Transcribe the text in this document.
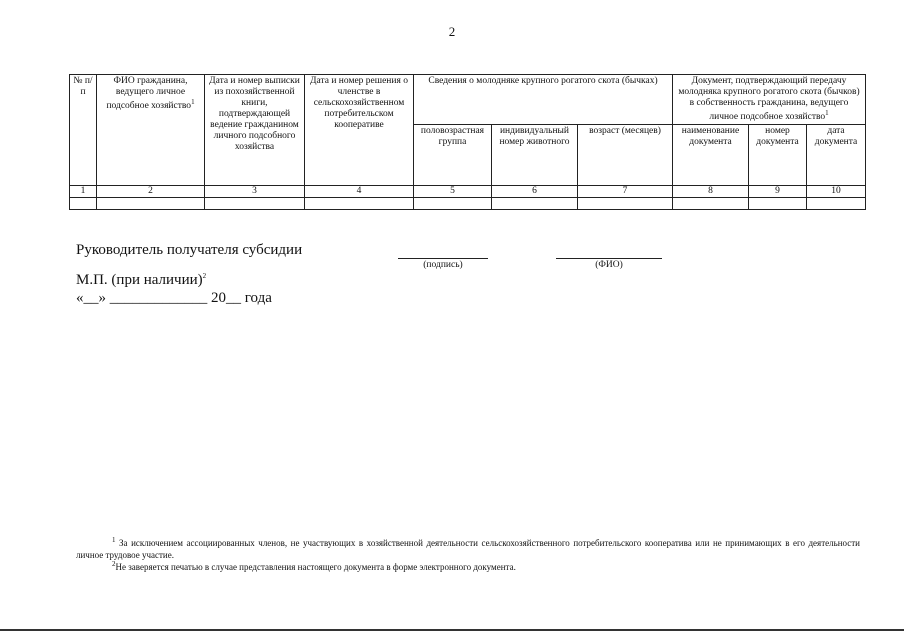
2
№ п/п	ФИО гражданина, ведущего личное подсобное хозяйство$^1$	Дата и номер выписки из похозяйственной книги, подтверждающей ведение гражданином личного подсобного хозяйства	Дата и номер решения о членстве в сельскохозяйственном потребительском кооперативе	Сведения о молодняке крупного рогатого скота (бычках)			Документ, подтверждающий передачу молодняка крупного рогатого скота (бычков) в собственность гражданина, ведущего личное подсобное хозяйство$^1$
				половозрастная группа	индивидуальный номер животного	возраст (месяцев)	наименование документа	номер документа	дата документа
1	2	3	4	5	6	7	8	9	10

Руководитель получателя субсидии
(подпись)	(ФИО)
М.П. (при наличии)$^2$
«__» _____________ 20__ года
$^1$ За исключением ассоциированных членов, не участвующих в хозяйственной деятельности сельскохозяйственного потребительского кооператива или не принимающих в его деятельности личное трудовое участие.
$^2$Не заверяется печатью в случае представления настоящего документа в форме электронного документа.
